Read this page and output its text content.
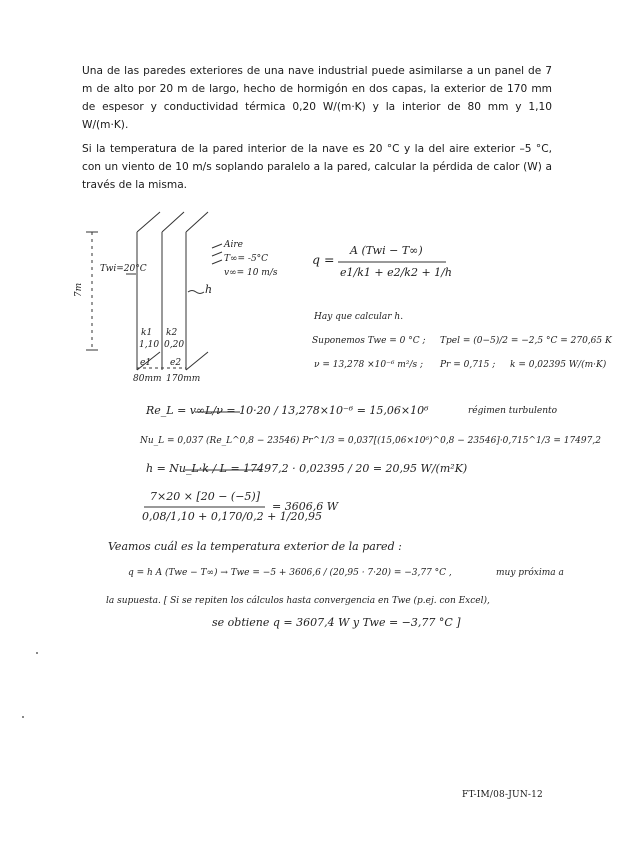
Una de las paredes exteriores de una nave industrial puede asimilarse a un panel de 7 m de alto por 20 m de largo, hecho de hormigón en dos capas, la exterior de 170 mm de espesor y conductividad térmica 0,20 W/(m·K) y la interior de 80 mm y 1,10 W/(m·K).

Si la temperatura de la pared interior de la nave es 20 °C y la del aire exterior –5 °C, con un viento de 10 m/s soplando paralelo a la pared, calcular la pérdida de calor (W) a través de la misma.

Twi=20°C
Aire
T∞= -5°C
v∞= 10 m/s
h
7m
k1
1,10
k2
0,20
e1 e2
80mm 170mm
q =
A (Twi − T∞)
e1/k1 + e2/k2 + 1/h
Hay que calcular h.
Suponemos Twe = 0 °C ; Tpel = (0−5)/2 = −2,5 °C = 270,65 K
ν = 13,278 ×10⁻⁶ m²/s ; Pr = 0,715 ; k = 0,02395 W/(m·K)
Re_L = v∞L/ν = 10·20 / 13,278×10⁻⁶ = 15,06×10⁶	régimen turbulento
Nu_L = 0,037 (Re_L^0,8 − 23546) Pr^1/3 = 0,037[(15,06×10⁶)^0,8 − 23546]·0,715^1/3 = 17497,2
h = Nu_L·k / L = 17497,2 · 0,02395 / 20 = 20,95 W/(m²K)
7×20 × [20 − (−5)]
0,08/1,10 + 0,170/0,2 + 1/20,95
= 3606,6 W
Veamos cuál es la temperatura exterior de la pared :
q = h A (Twe − T∞) → Twe = −5 + 3606,6 / (20,95 · 7·20) = −3,77 °C ,	muy próxima a
la supuesta. [ Si se repiten los cálculos hasta convergencia en Twe (p.ej. con Excel),
se obtiene q = 3607,4 W y Twe = −3,77 °C ]
FT-IM/08-JUN-12
